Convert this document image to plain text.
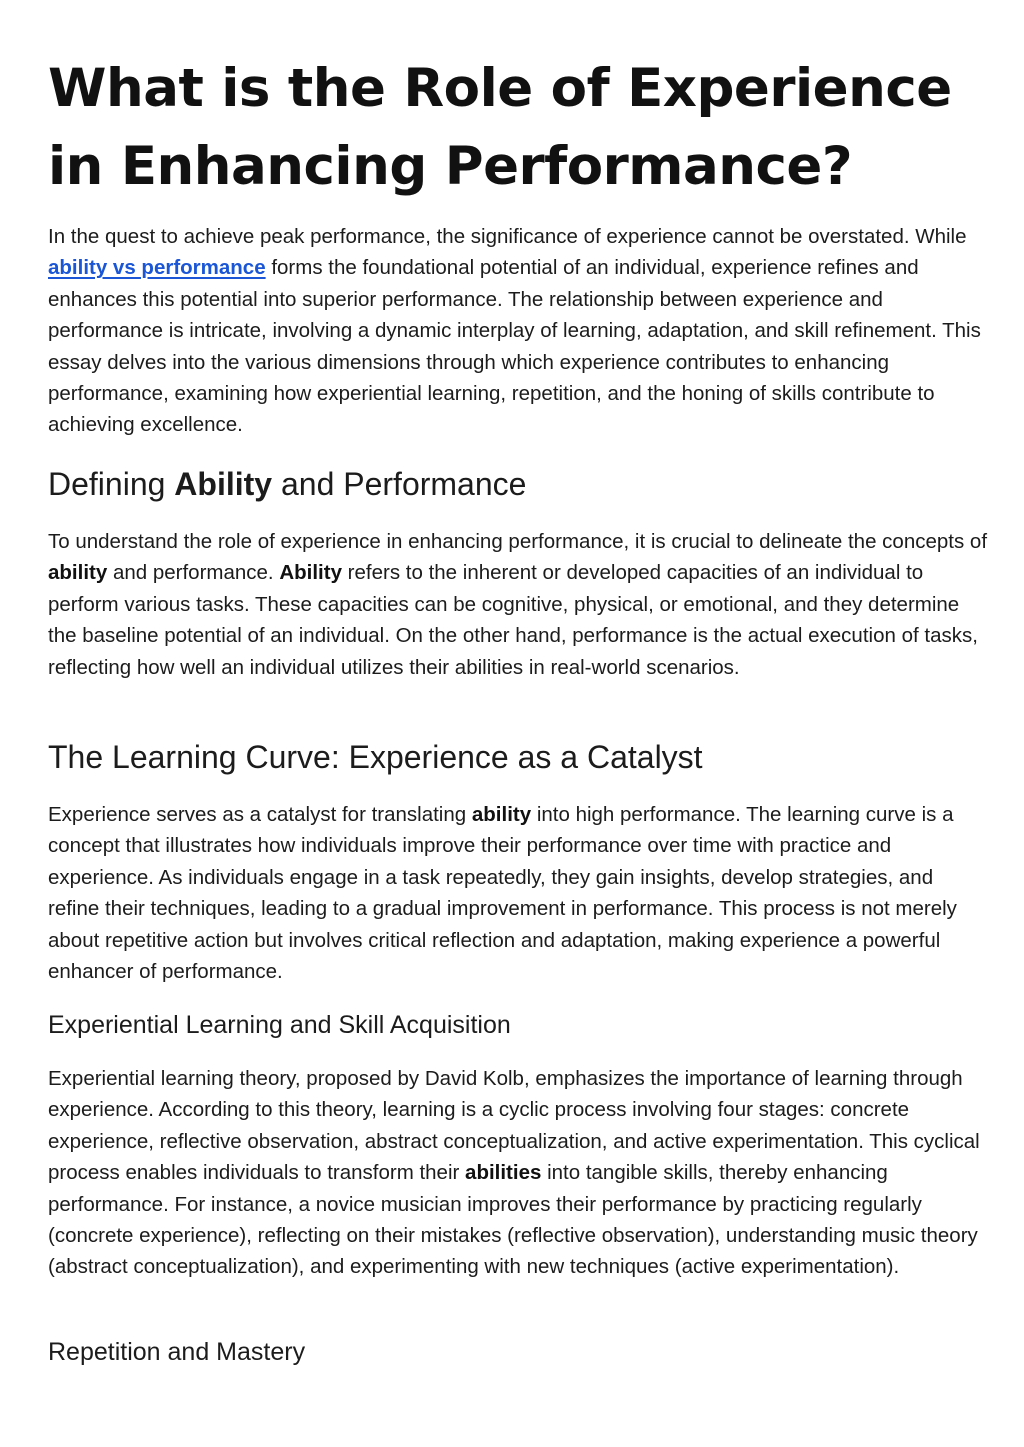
What is the Role of Experience in Enhancing Performance?

In the quest to achieve peak performance, the significance of experience cannot be overstated. While ability vs performance forms the foundational potential of an individual, experience refines and enhances this potential into superior performance. The relationship between experience and performance is intricate, involving a dynamic interplay of learning, adaptation, and skill refinement. This essay delves into the various dimensions through which experience contributes to enhancing performance, examining how experiential learning, repetition, and the honing of skills contribute to achieving excellence.

Defining Ability and Performance

To understand the role of experience in enhancing performance, it is crucial to delineate the concepts of ability and performance. Ability refers to the inherent or developed capacities of an individual to perform various tasks. These capacities can be cognitive, physical, or emotional, and they determine the baseline potential of an individual. On the other hand, performance is the actual execution of tasks, reflecting how well an individual utilizes their abilities in real-world scenarios.

The Learning Curve: Experience as a Catalyst

Experience serves as a catalyst for translating ability into high performance. The learning curve is a concept that illustrates how individuals improve their performance over time with practice and experience. As individuals engage in a task repeatedly, they gain insights, develop strategies, and refine their techniques, leading to a gradual improvement in performance. This process is not merely about repetitive action but involves critical reflection and adaptation, making experience a powerful enhancer of performance.

Experiential Learning and Skill Acquisition

Experiential learning theory, proposed by David Kolb, emphasizes the importance of learning through experience. According to this theory, learning is a cyclic process involving four stages: concrete experience, reflective observation, abstract conceptualization, and active experimentation. This cyclical process enables individuals to transform their abilities into tangible skills, thereby enhancing performance. For instance, a novice musician improves their performance by practicing regularly (concrete experience), reflecting on their mistakes (reflective observation), understanding music theory (abstract conceptualization), and experimenting with new techniques (active experimentation).

Repetition and Mastery
